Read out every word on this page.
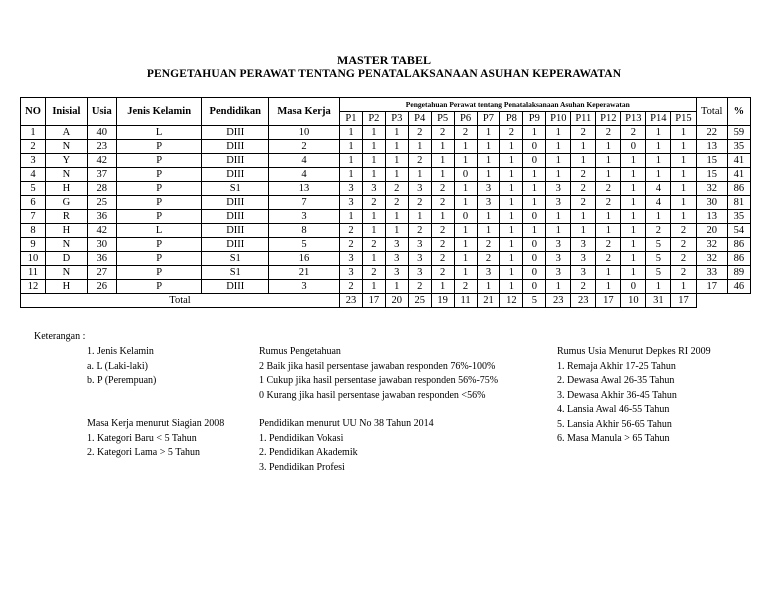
MASTER TABEL
PENGETAHUAN PERAWAT TENTANG PENATALAKSANAAN ASUHAN KEPERAWATAN
NO	Inisial	Usia	Jenis Kelamin	Pendidikan	Masa Kerja	Pengetahuan Perawat tentang Penatalaksanaan Asuhan Keperawatan															Total	%
						P1	P2	P3	P4	P5	P6	P7	P8	P9	P10	P11	P12	P13	P14	P15		
1	A	40	L	DIII	10	1	1	1	2	2	2	1	2	1	1	2	2	2	1	1	22	59
2	N	23	P	DIII	2	1	1	1	1	1	1	1	1	0	1	1	1	0	1	1	13	35
3	Y	42	P	DIII	4	1	1	1	2	1	1	1	1	0	1	1	1	1	1	1	15	41
4	N	37	P	DIII	4	1	1	1	1	1	0	1	1	1	1	2	1	1	1	1	15	41
5	H	28	P	S1	13	3	3	2	3	2	1	3	1	1	3	2	2	1	4	1	32	86
6	G	25	P	DIII	7	3	2	2	2	2	1	3	1	1	3	2	2	1	4	1	30	81
7	R	36	P	DIII	3	1	1	1	1	1	0	1	1	0	1	1	1	1	1	1	13	35
8	H	42	L	DIII	8	2	1	1	2	2	1	1	1	1	1	1	1	1	2	2	20	54
9	N	30	P	DIII	5	2	2	3	3	2	1	2	1	0	3	3	2	1	5	2	32	86
10	D	36	P	S1	16	3	1	3	3	2	1	2	1	0	3	3	2	1	5	2	32	86
11	N	27	P	S1	21	3	2	3	3	2	1	3	1	0	3	3	1	1	5	2	33	89
12	H	26	P	DIII	3	2	1	1	2	1	2	1	1	0	1	2	1	0	1	1	17	46
Total						23	17	20	25	19	11	21	12	5	23	23	17	10	31	17		
Keterangan :
1. Jenis Kelamin
a. L (Laki-laki)
b. P (Perempuan)
Rumus Pengetahuan
2 Baik jika hasil persentase jawaban responden 76%-100%
1 Cukup jika hasil persentase jawaban responden 56%-75%
0 Kurang jika hasil persentase jawaban responden <56%
Rumus Usia Menurut Depkes RI 2009
1. Remaja Akhir 17-25 Tahun
2. Dewasa Awal 26-35 Tahun
3. Dewasa Akhir 36-45 Tahun
4. Lansia Awal 46-55 Tahun
5. Lansia Akhir 56-65 Tahun
6. Masa Manula > 65 Tahun
Masa Kerja menurut Siagian 2008
1. Kategori Baru < 5 Tahun
2. Kategori Lama > 5 Tahun
Pendidikan menurut UU No 38 Tahun 2014
1. Pendidikan Vokasi
2. Pendidikan Akademik
3. Pendidikan Profesi
